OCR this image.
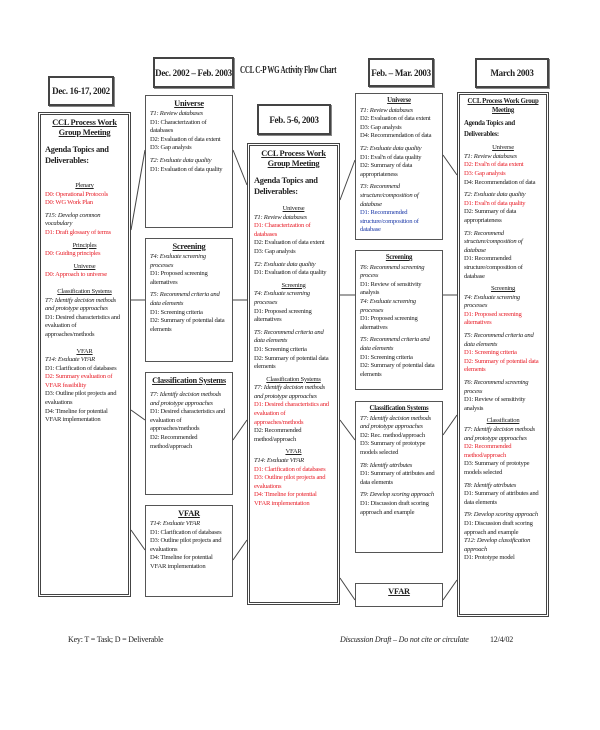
CCL C-P WG Activity Flow Chart
Dec. 16-17, 2002
Dec. 2002 – Feb. 2003
Feb. 5-6, 2003
Feb. – Mar. 2003	March 2003
CCL Process Work Group Meeting
Agenda Topics and Deliverables:
Plenary
D0: Operational Protocols
D0: WG Work Plan
T15: Develop common vocabulary
D1: Draft glossary of terms
Principles
D0: Guiding principles
Universe
D0: Approach to universe
Classification Systems
T7: Identify decision methods and prototype approaches
D1: Desired characteristics and evaluation of approaches/methods
VFAR
T14: Evaluate VFAR
D1: Clarification of databases
D2: Summary evaluation of VFAR feasibility
D3: Outline pilot projects and evaluations
D4: Timeline for potential VFAR implementation
Universe
T1: Review databases
D1: Characterization of databases
D2: Evaluation of data extent
D3: Gap analysis
T2: Evaluate data quality
D1: Evaluation of data quality
Screening
T4: Evaluate screening processes
D1: Proposed screening alternatives
T5: Recommend criteria and data elements
D1: Screening criteria
D2: Summary of potential data elements
Classification Systems
T7: Identify decision methods and prototype approaches
D1: Desired characteristics and evaluation of approaches/methods
D2: Recommended method/approach
VFAR
T14: Evaluate VFAR
D1: Clarification of databases
D3: Outline pilot projects and evaluations
D4: Timeline for potential VFAR implementation
CCL Process Work Group Meeting
Agenda Topics and Deliverables:
Universe
T1: Review databases
D1: Characterization of databases
D2: Evaluation of data extent
D3: Gap analysis
T2: Evaluate data quality
D1: Evaluation of data quality
Screening
T4: Evaluate screening processes
D1: Proposed screening alternatives
T5: Recommend criteria and data elements
D1: Screening criteria
D2: Summary of potential data elements
Classification Systems
T7: Identify decision methods and prototype approaches
D1: Desired characteristics and evaluation of approaches/methods
D2: Recommended method/approach
VFAR
T14: Evaluate VFAR
D1: Clarification of databases
D3: Outline pilot projects and evaluations
D4: Timeline for potential VFAR implementation
Universe
T1: Review databases
D2: Evaluation of data extent
D3: Gap analysis
D4: Recommendation of data
T2: Evaluate data quality
D1: Eval'n of data quality
D2: Summary of data appropriateness
T3: Recommend structure/composition of database
D1: Recommended structure/composition of database
Screening
T6: Recommend screening process
D1: Review of sensitivity analysis
T4: Evaluate screening processes
D1: Proposed screening alternatives
T5: Recommend criteria and data elements
D1: Screening criteria
D2: Summary of potential data elements
Classification Systems
T7: Identify decision methods and prototype approaches
D2: Rec. method/approach
D3: Summary of prototype models selected
T8: Identify attributes
D1: Summary of attributes and data elements
T9: Develop scoring approach
D1: Discussion draft scoring approach and example
VFAR
CCL Process Work Group Meeting
Agenda Topics and Deliverables:
Universe
T1: Review databases
D2: Eval'n of data extent
D3: Gap analysis
D4: Recommendation of data
T2: Evaluate data quality
D1: Eval'n of data quality
D2: Summary of data appropriateness
T3: Recommend structure/composition of database
D1: Recommended structure/composition of database
Screening
T4: Evaluate screening processes
D1: Proposed screening alternatives
T5: Recommend criteria and data elements
D1: Screening criteria
D2: Summary of potential data elements
T6: Recommend screening process
D1: Review of sensitivity analysis
Classification
T7: Identify decision methods and prototype approaches
D2: Recommended method/approach
D3: Summary of prototype models selected
T8: Identify attributes
D1: Summary of attributes and data elements
T9: Develop scoring approach
D1: Discussion draft scoring approach and example
T12: Develop classification approach
D1: Prototype model
Key: T = Task; D = Deliverable	Discussion Draft – Do not cite or circulate	12/4/02
